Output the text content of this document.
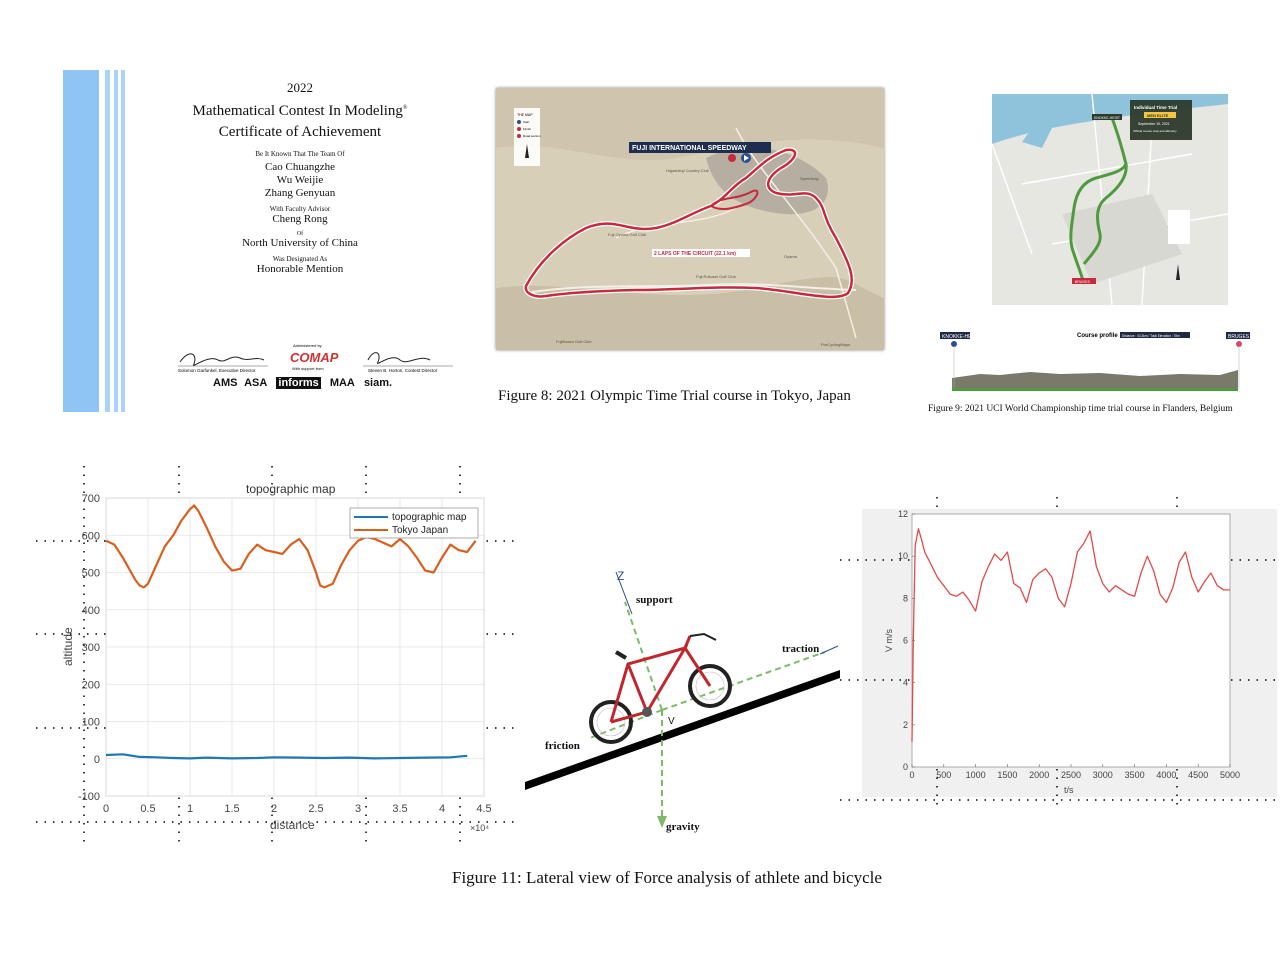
2022
Mathematical Contest In Modeling®
Certificate of Achievement
Be It Known That The Team Of
Cao Chuangzhe
Wu Weijie
Zhang Genyuan
With Faculty Advisor
Cheng Rong
Of
North University of China
Was Designated As
Honorable Mention
Solomon Garfunkel, Executive Director
Administered by
COMAP
With support from	Steven B. Horton, Contest Director
AMS ASA informs MAA siam.
THE MAP
Start
Finish
Road section
FUJI INTERNATIONAL SPEEDWAY
2 LAPS OF THE CIRCUIT (22.1 km)
Higashifuji Country Club
Fuji Oyama Golf Club
Fuji Rokusei Golf Club
Oyama
Fujifiwaza Golf Club
Speedway
ProCyclingMaps
Figure 8: 2021 Olympic Time Trial course in Tokyo, Japan
Individual Time Trial
MEN ELITE
September 19, 2021
Official course map and altimetry
KNOKKE-HEIST
BRUGES
KNOKKE-HEIST	BRUGES
Course profile Distance : 43.3km / Total Elevation : 78m
Figure 9: 2021 UCI World Championship time trial course in Flanders, Belgium
0	0.5	1	1.5	2	2.5	3	3.5	4	4.5
-100
0
100
200
300
400
500
600
700
topographic map
distance	×10⁴
altitude
topographic map
Tokyo Japan
Z
support
traction
friction
gravity
V
0 500 1000 1500 2000 2500 3000 3500 4000 4500 5000
0
2
4
6
8
10
12
t/s
V m/s
Figure 11: Lateral view of Force analysis of athlete and bicycle
